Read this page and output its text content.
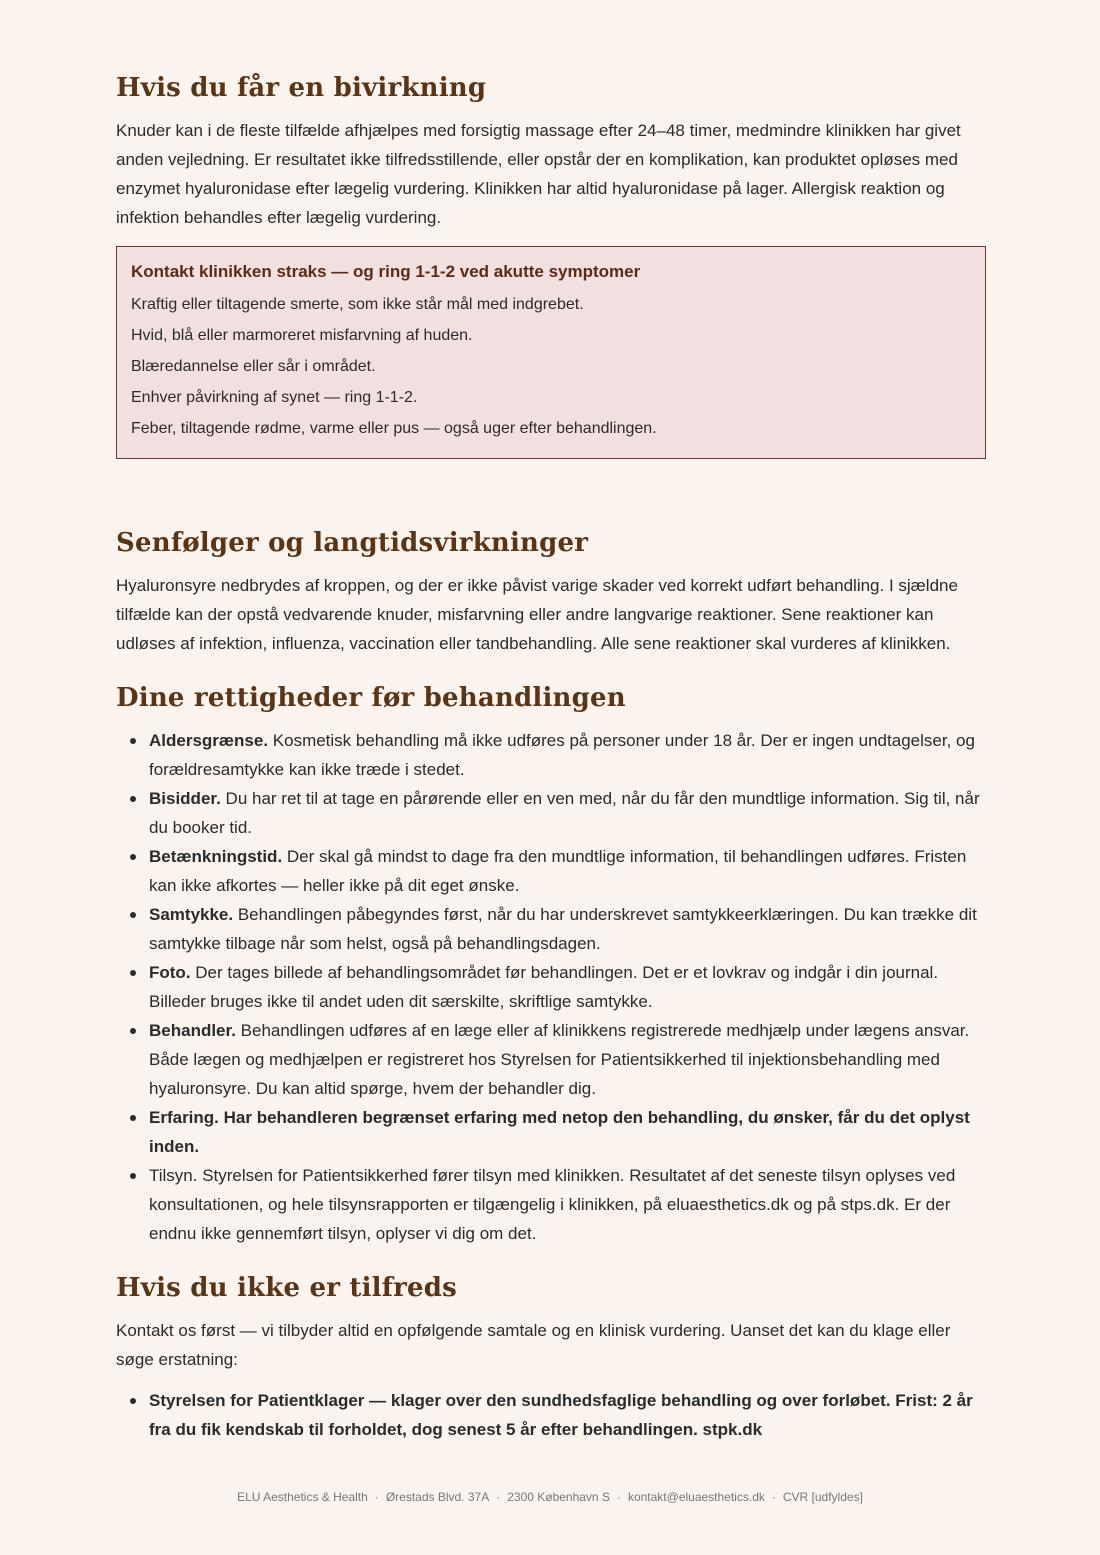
Hvis du får en bivirkning

Knuder kan i de fleste tilfælde afhjælpes med forsigtig massage efter 24–48 timer, medmindre klinikken har givet anden vejledning. Er resultatet ikke tilfredsstillende, eller opstår der en komplikation, kan produktet opløses med enzymet hyaluronidase efter lægelig vurdering. Klinikken har altid hyaluronidase på lager. Allergisk reaktion og infektion behandles efter lægelig vurdering.

Kontakt klinikken straks — og ring 1-1-2 ved akutte symptomer
Kraftig eller tiltagende smerte, som ikke står mål med indgrebet.
Hvid, blå eller marmoreret misfarvning af huden.
Blæredannelse eller sår i området.
Enhver påvirkning af synet — ring 1-1-2.
Feber, tiltagende rødme, varme eller pus — også uger efter behandlingen.
Senfølger og langtidsvirkninger

Hyaluronsyre nedbrydes af kroppen, og der er ikke påvist varige skader ved korrekt udført behandling. I sjældne tilfælde kan der opstå vedvarende knuder, misfarvning eller andre langvarige reaktioner. Sene reaktioner kan udløses af infektion, influenza, vaccination eller tandbehandling. Alle sene reaktioner skal vurderes af klinikken.

Dine rettigheder før behandlingen
Aldersgrænse. Kosmetisk behandling må ikke udføres på personer under 18 år. Der er ingen undtagelser, og forældresamtykke kan ikke træde i stedet.
Bisidder. Du har ret til at tage en pårørende eller en ven med, når du får den mundtlige information. Sig til, når du booker tid.
Betænkningstid. Der skal gå mindst to dage fra den mundtlige information, til behandlingen udføres. Fristen kan ikke afkortes — heller ikke på dit eget ønske.
Samtykke. Behandlingen påbegyndes først, når du har underskrevet samtykkeerklæringen. Du kan trække dit samtykke tilbage når som helst, også på behandlingsdagen.
Foto. Der tages billede af behandlingsområdet før behandlingen. Det er et lovkrav og indgår i din journal. Billeder bruges ikke til andet uden dit særskilte, skriftlige samtykke.
Behandler. Behandlingen udføres af en læge eller af klinikkens registrerede medhjælp under lægens ansvar. Både lægen og medhjælpen er registreret hos Styrelsen for Patientsikkerhed til injektionsbehandling med hyaluronsyre. Du kan altid spørge, hvem der behandler dig.
Erfaring. Har behandleren begrænset erfaring med netop den behandling, du ønsker, får du det oplyst inden.
Tilsyn. Styrelsen for Patientsikkerhed fører tilsyn med klinikken. Resultatet af det seneste tilsyn oplyses ved konsultationen, og hele tilsynsrapporten er tilgængelig i klinikken, på eluaesthetics.dk og på stps.dk. Er der endnu ikke gennemført tilsyn, oplyser vi dig om det.
Hvis du ikke er tilfreds

Kontakt os først — vi tilbyder altid en opfølgende samtale og en klinisk vurdering. Uanset det kan du klage eller søge erstatning:

Styrelsen for Patientklager — klager over den sundhedsfaglige behandling og over forløbet. Frist: 2 år fra du fik kendskab til forholdet, dog senest 5 år efter behandlingen. stpk.dk
ELU Aesthetics & Health · Ørestads Blvd. 37A · 2300 København S · kontakt@eluaesthetics.dk · CVR [udfyldes]
